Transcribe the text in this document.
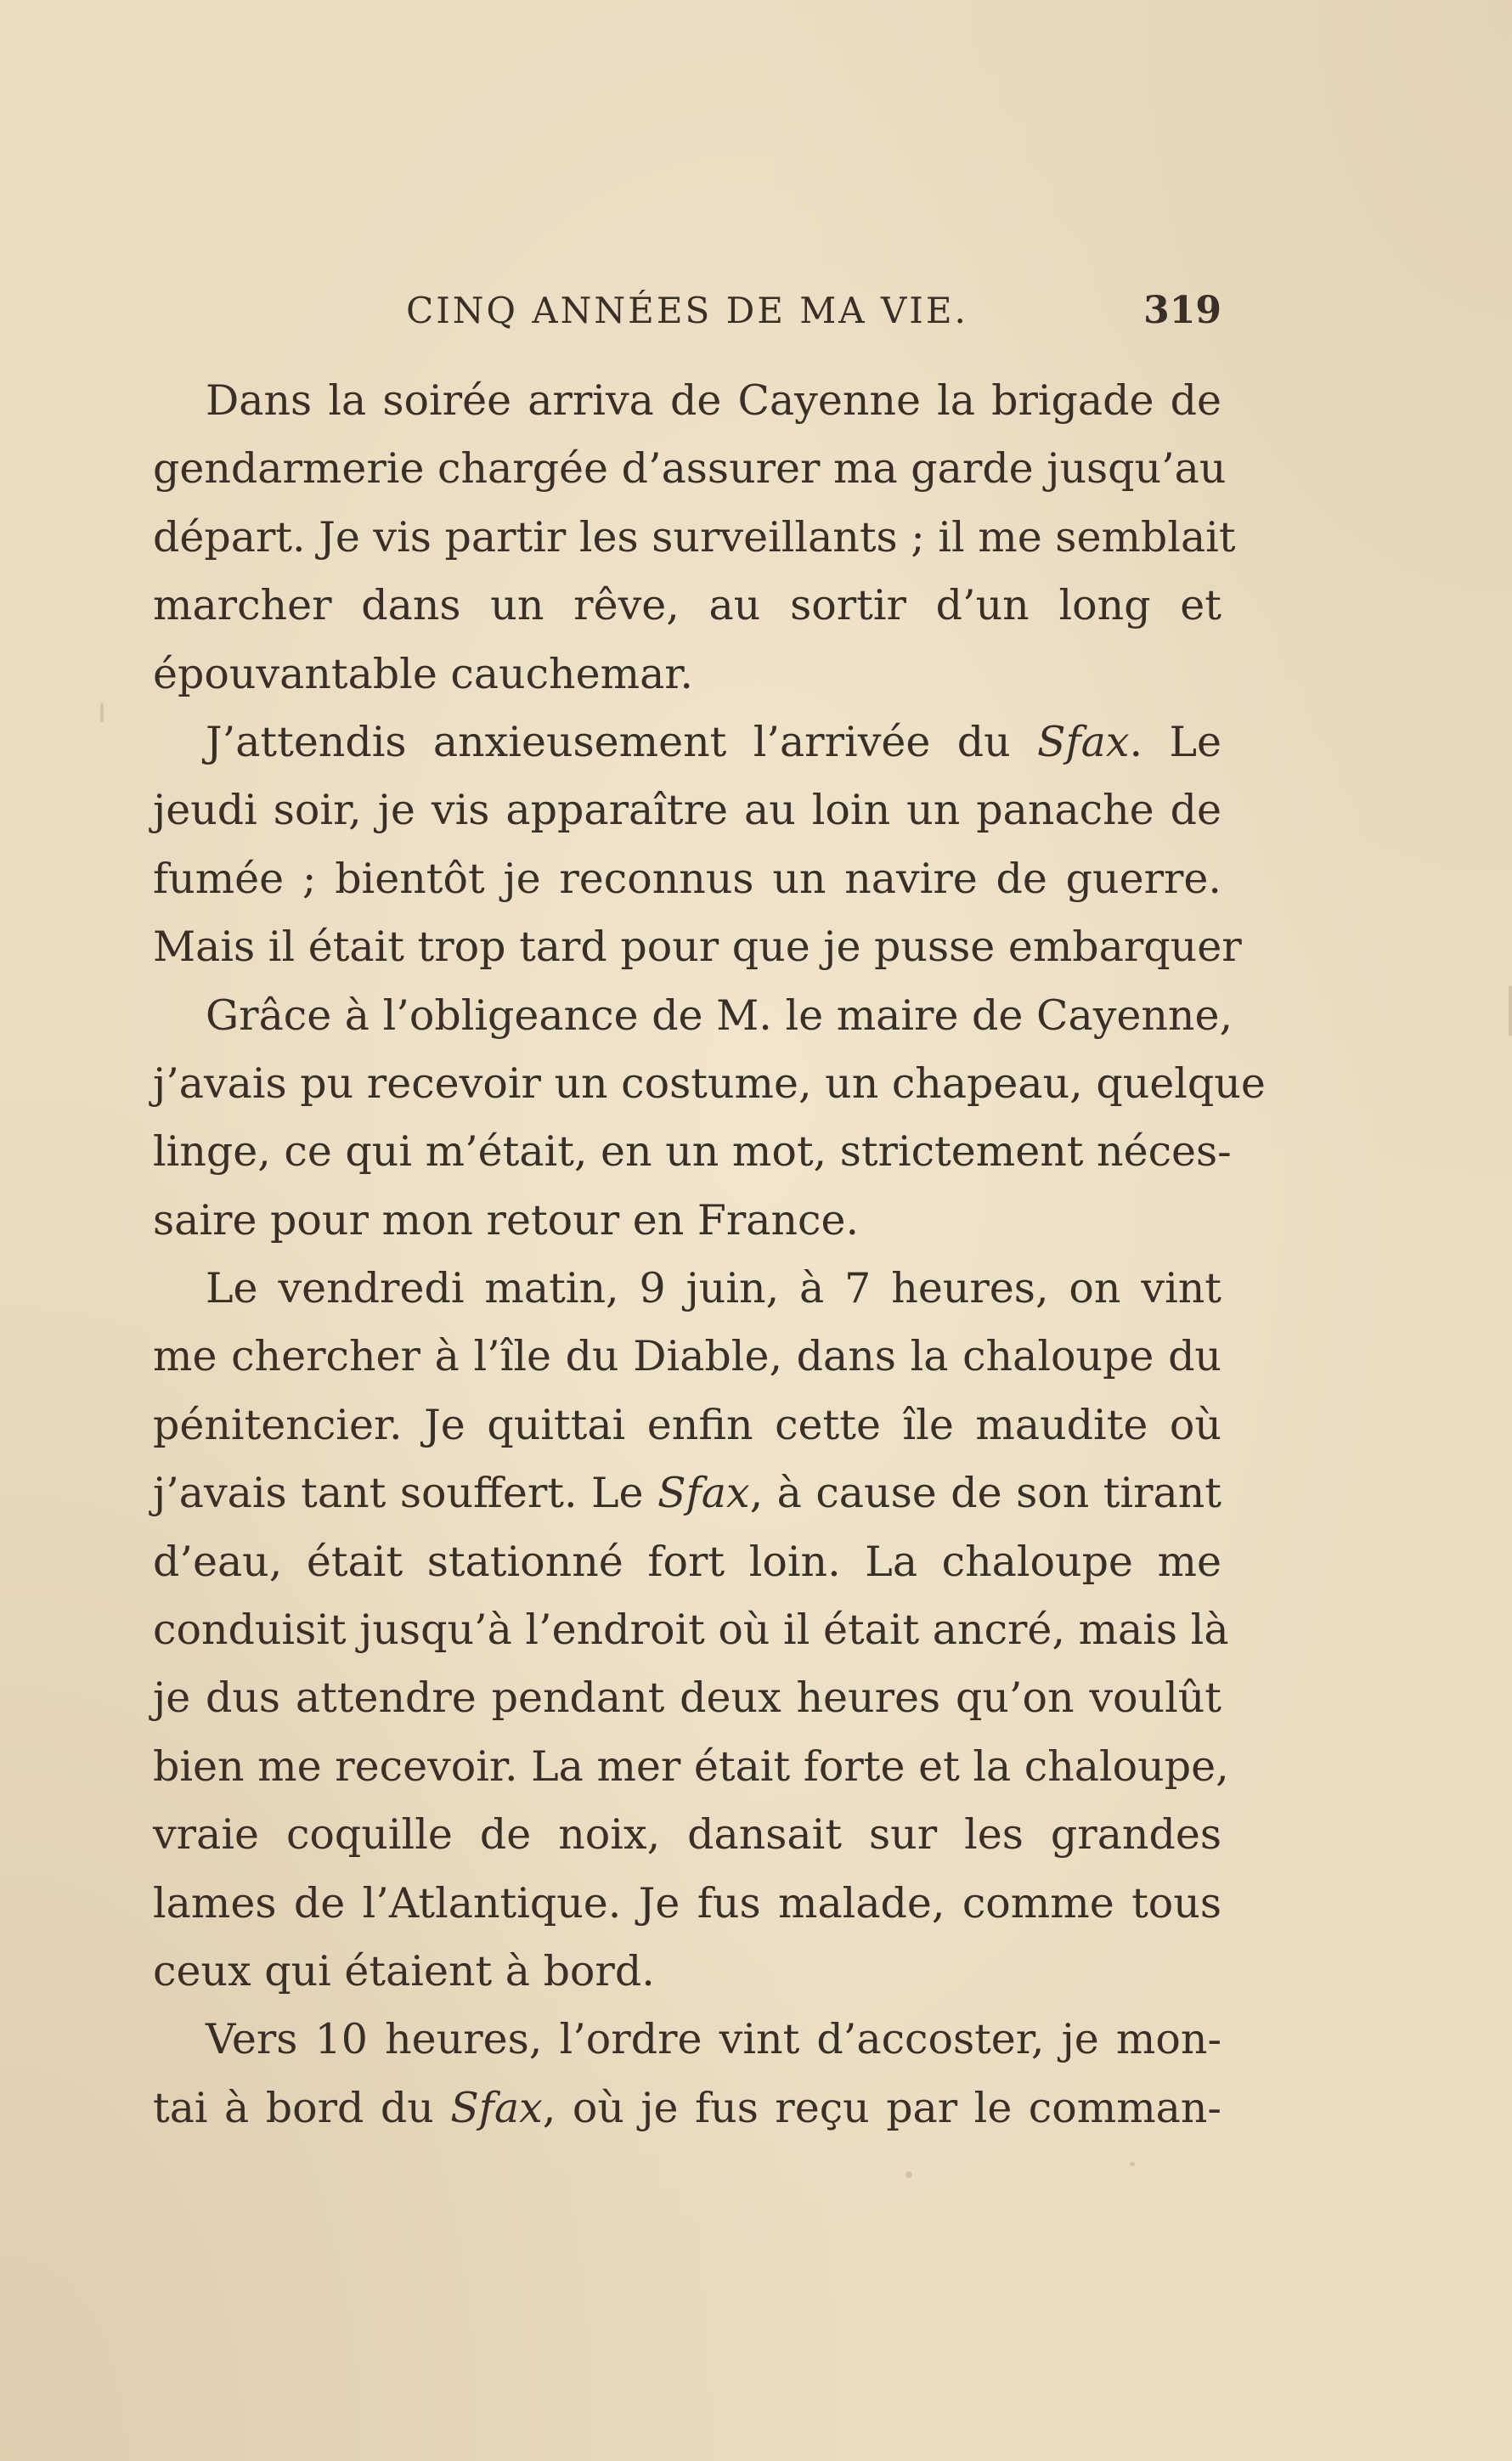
CINQ ANNÉES DE MA VIE.	319
Dans la soirée arriva de Cayenne la brigade de
gendarmerie chargée d’assurer ma garde jusqu’au
départ. Je vis partir les surveillants ; il me semblait
marcher dans un rêve, au sortir d’un long et
épouvantable cauchemar.
J’attendis anxieusement l’arrivée du Sfax. Le
jeudi soir, je vis apparaître au loin un panache de
fumée ; bientôt je reconnus un navire de guerre.
Mais il était trop tard pour que je pusse embarquer
Grâce à l’obligeance de M. le maire de Cayenne,
j’avais pu recevoir un costume, un chapeau, quelque
linge, ce qui m’était, en un mot, strictement néces-
saire pour mon retour en France.
Le vendredi matin, 9 juin, à 7 heures, on vint
me chercher à l’île du Diable, dans la chaloupe du
pénitencier. Je quittai enfin cette île maudite où
j’avais tant souffert. Le Sfax, à cause de son tirant
d’eau, était stationné fort loin. La chaloupe me
conduisit jusqu’à l’endroit où il était ancré, mais là
je dus attendre pendant deux heures qu’on voulût
bien me recevoir. La mer était forte et la chaloupe,
vraie coquille de noix, dansait sur les grandes
lames de l’Atlantique. Je fus malade, comme tous
ceux qui étaient à bord.
Vers 10 heures, l’ordre vint d’accoster, je mon-
tai à bord du Sfax, où je fus reçu par le comman-
